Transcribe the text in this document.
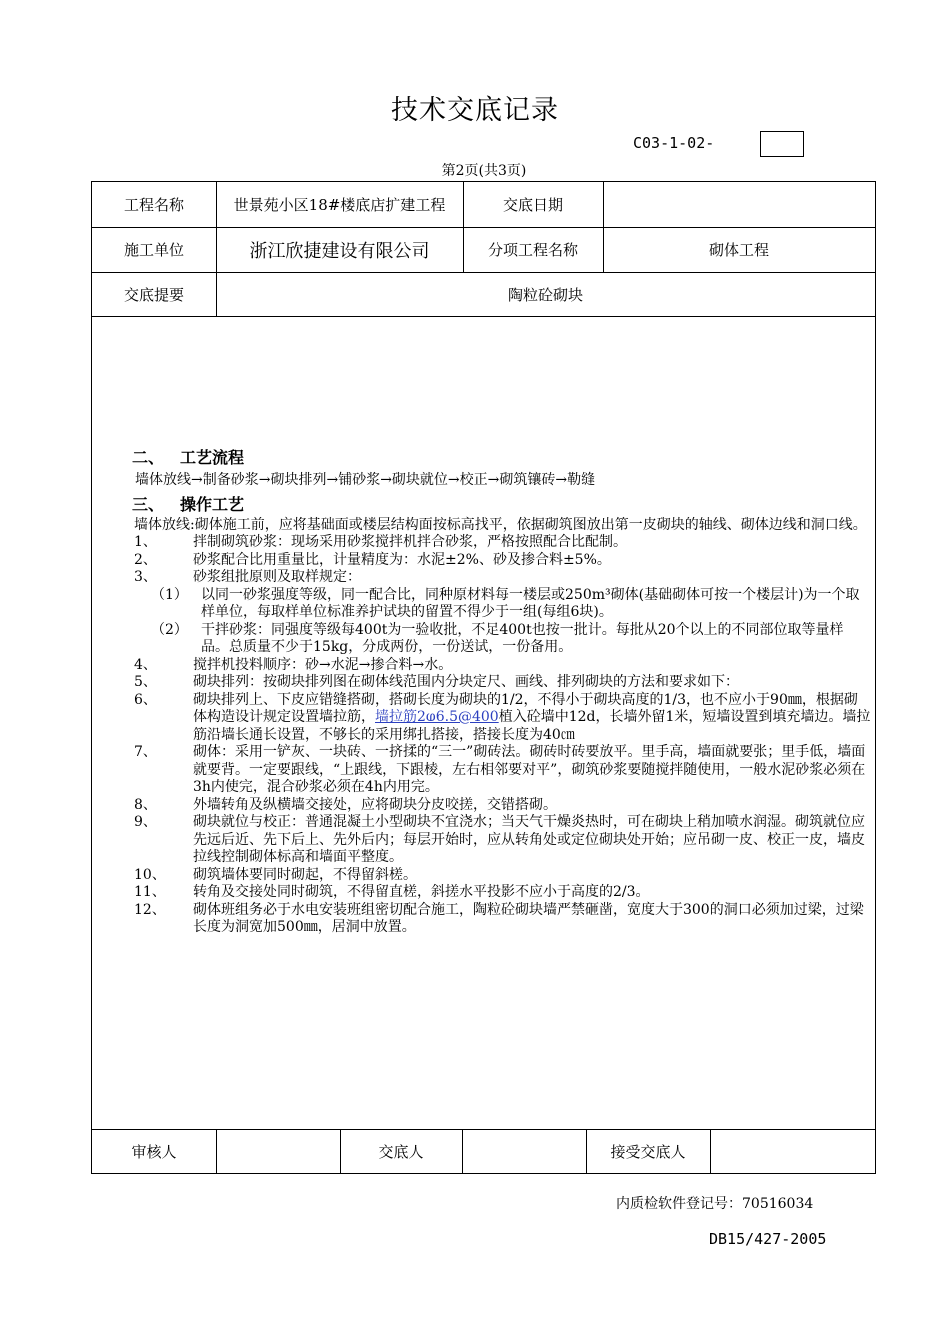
技术交底记录
C03-1-02-
第2页(共3页)
工程名称	世景苑小区18#楼底店扩建工程	交底日期
施工单位	浙江欣捷建设有限公司	分项工程名称	砌体工程
交底提要	陶粒砼砌块
审核人	交底人	接受交底人
二、 工艺流程

墙体放线→制备砂浆→砌块排列→铺砂浆→砌块就位→校正→砌筑镶砖→勒缝

三、 操作工艺

墙体放线:砌体施工前，应将基础面或楼层结构面按标高找平，依据砌筑图放出第一皮砌块的轴线、砌体边线和洞口线。

1、	拌制砌筑砂浆：现场采用砂浆搅拌机拌合砂浆，严格按照配合比配制。
2、	砂浆配合比用重量比，计量精度为：水泥±2%、砂及掺合料±5%。
3、	砂浆组批原则及取样规定：
（1） 以同一砂浆强度等级，同一配合比，同种原材料每一楼层或250m³砌体(基础砌体可按一个楼层计)为一个取样单位，每取样单位标准养护试块的留置不得少于一组(每组6块)。
（2） 干拌砂浆：同强度等级每400t为一验收批，不足400t也按一批计。每批从20个以上的不同部位取等量样品。总质量不少于15kg，分成两份，一份送试，一份备用。
4、	搅拌机投料顺序：砂→水泥→掺合料→水。
5、	砌块排列：按砌块排列图在砌体线范围内分块定尺、画线、排列砌块的方法和要求如下：
6、	砌块排列上、下皮应错缝搭砌，搭砌长度为砌块的1/2，不得小于砌块高度的1/3，也不应小于90㎜，根据砌体构造设计规定设置墙拉筋，墙拉筋2ⱷ6.5@400植入砼墙中12d，长墙外留1米，短墙设置到填充墙边。墙拉筋沿墙长通长设置，不够长的采用绑扎搭接，搭接长度为40㎝
7、	砌体：采用一铲灰、一块砖、一挤揉的“三一”砌砖法。砌砖时砖要放平。里手高，墙面就要张；里手低，墙面就要背。一定要跟线，“上跟线，下跟棱，左右相邻要对平”，砌筑砂浆要随搅拌随使用，一般水泥砂浆必须在3h内使完，混合砂浆必须在4h内用完。
8、	外墙转角及纵横墙交接处，应将砌块分皮咬搓，交错搭砌。
9、	砌块就位与校正：普通混凝土小型砌块不宜浇水；当天气干燥炎热时，可在砌块上稍加喷水润湿。砌筑就位应先远后近、先下后上、先外后内；每层开始时，应从转角处或定位砌块处开始；应吊砌一皮、校正一皮，墙皮拉线控制砌体标高和墙面平整度。
10、	砌筑墙体要同时砌起，不得留斜槎。
11、	转角及交接处同时砌筑，不得留直槎，斜搓水平投影不应小于高度的2/3。
12、	砌体班组务必于水电安装班组密切配合施工，陶粒砼砌块墙严禁砸凿，宽度大于300的洞口必须加过梁，过梁长度为洞宽加500㎜，居洞中放置。
内质检软件登记号：70516034
DB15/427-2005
